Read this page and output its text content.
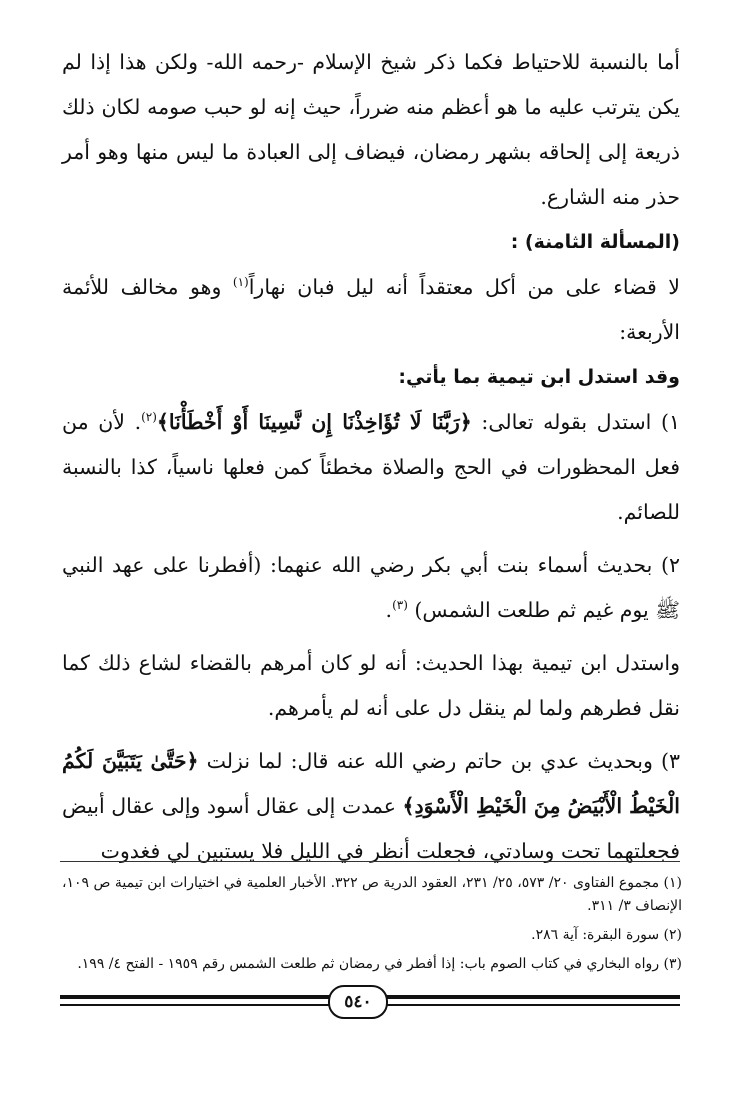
أما بالنسبة للاحتياط فكما ذكر شيخ الإسلام -رحمه الله- ولكن هذا إذا لم يكن يترتب عليه ما هو أعظم منه ضرراً، حيث إنه لو حبب صومه لكان ذلك ذريعة إلى إلحاقه بشهر رمضان، فيضاف إلى العبادة ما ليس منها وهو أمر حذر منه الشارع.

(المسألة الثامنة) :

لا قضاء على من أكل معتقداً أنه ليل فبان نهاراً$^{(١)}$ وهو مخالف للأئمة الأربعة:

وقد استدل ابن تيمية بما يأتي:

١) استدل بقوله تعالى: ﴿رَبَّنَا لَا تُؤَاخِذْنَا إِن نَّسِينَا أَوْ أَخْطَأْنَا﴾$^{(٢)}$. لأن من فعل المحظورات في الحج والصلاة مخطئاً كمن فعلها ناسياً، كذا بالنسبة للصائم.

٢) بحديث أسماء بنت أبي بكر رضي الله عنهما: (أفطرنا على عهد النبي ﷺ يوم غيم ثم طلعت الشمس) $^{(٣)}$.

واستدل ابن تيمية بهذا الحديث: أنه لو كان أمرهم بالقضاء لشاع ذلك كما نقل فطرهم ولما لم ينقل دل على أنه لم يأمرهم.

٣) وبحديث عدي بن حاتم رضي الله عنه قال: لما نزلت ﴿حَتَّىٰ يَتَبَيَّنَ لَكُمُ الْخَيْطُ الْأَبْيَضُ مِنَ الْخَيْطِ الْأَسْوَدِ﴾ عمدت إلى عقال أسود وإلى عقال أبيض فجعلتهما تحت وسادتي، فجعلت أنظر في الليل فلا يستبين لي فغدوت

(١) مجموع الفتاوى ٢٠/ ٥٧٣، ٢٥/ ٢٣١، العقود الدرية ص ٣٢٢. الأخبار العلمية في اختيارات ابن تيمية ص ١٠٩، الإنصاف ٣/ ٣١١.

(٢) سورة البقرة: آية ٢٨٦.

(٣) رواه البخاري في كتاب الصوم باب: إذا أفطر في رمضان ثم طلعت الشمس رقم ١٩٥٩ - الفتح ٤/ ١٩٩.

٥٤٠
